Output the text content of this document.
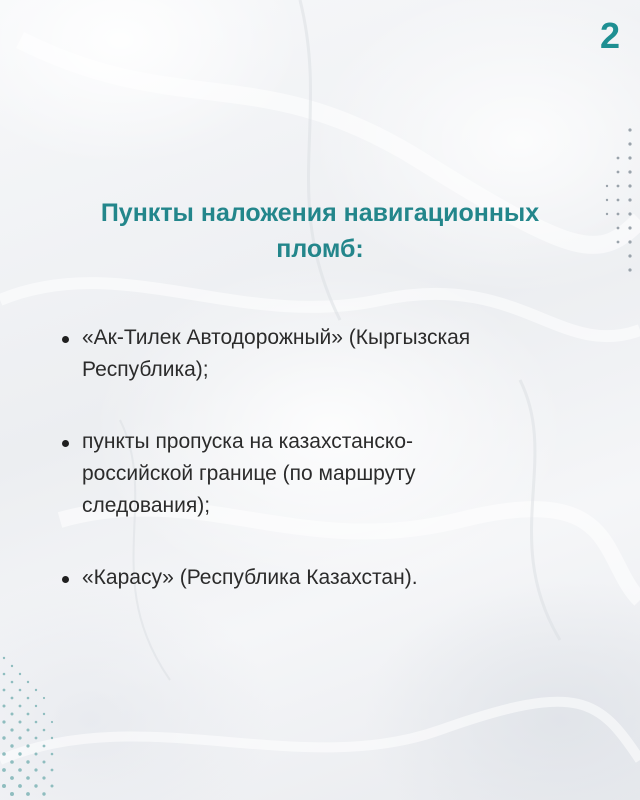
2
Пункты наложения навигационных
пломб:
«Ак-Тилек Автодорожный» (Кыргызская
Республика);
пункты пропуска на казахстанско-
российской границе (по маршруту
следования);
«Карасу» (Республика Казахстан).
